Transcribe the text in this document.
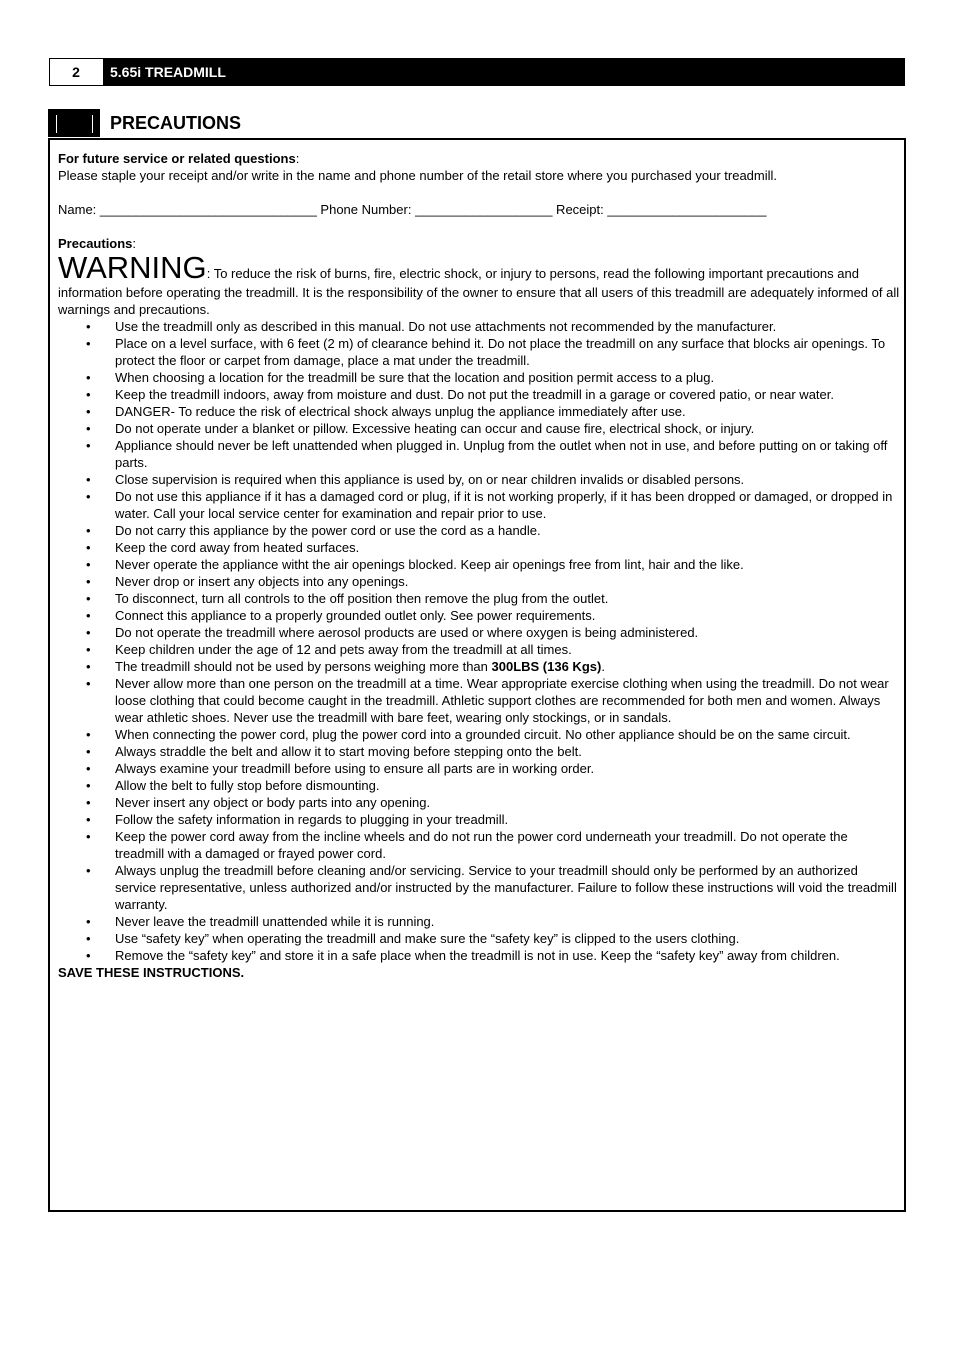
2	5.65i TREADMILL
PRECAUTIONS

For future service or related questions:

Please staple your receipt and/or write in the name and phone number of the retail store where you purchased your treadmill.

Name: ______________________________ Phone Number: ___________________ Receipt: ______________________

Precautions:

WARNING: To reduce the risk of burns, fire, electric shock, or injury to persons, read the following important precautions and information before operating the treadmill. It is the responsibility of the owner to ensure that all users of this treadmill are adequately informed of all warnings and precautions.

• Use the treadmill only as described in this manual. Do not use attachments not recommended by the manufacturer.
• Place on a level surface, with 6 feet (2 m) of clearance behind it. Do not place the treadmill on any surface that blocks air openings. To protect the floor or carpet from damage, place a mat under the treadmill.
• When choosing a location for the treadmill be sure that the location and position permit access to a plug.
• Keep the treadmill indoors, away from moisture and dust. Do not put the treadmill in a garage or covered patio, or near water.
• DANGER- To reduce the risk of electrical shock always unplug the appliance immediately after use.
• Do not operate under a blanket or pillow. Excessive heating can occur and cause fire, electrical shock, or injury.
• Appliance should never be left unattended when plugged in. Unplug from the outlet when not in use, and before putting on or taking off parts.
• Close supervision is required when this appliance is used by, on or near children invalids or disabled persons.
• Do not use this appliance if it has a damaged cord or plug, if it is not working properly, if it has been dropped or damaged, or dropped in water. Call your local service center for examination and repair prior to use.
• Do not carry this appliance by the power cord or use the cord as a handle.
• Keep the cord away from heated surfaces.
• Never operate the appliance witht the air openings blocked. Keep air openings free from lint, hair and the like.
• Never drop or insert any objects into any openings.
• To disconnect, turn all controls to the off position then remove the plug from the outlet.
• Connect this appliance to a properly grounded outlet only. See power requirements.
• Do not operate the treadmill where aerosol products are used or where oxygen is being administered.
• Keep children under the age of 12 and pets away from the treadmill at all times.
• The treadmill should not be used by persons weighing more than 300LBS (136 Kgs).
• Never allow more than one person on the treadmill at a time. Wear appropriate exercise clothing when using the treadmill. Do not wear loose clothing that could become caught in the treadmill. Athletic support clothes are recommended for both men and women. Always wear athletic shoes. Never use the treadmill with bare feet, wearing only stockings, or in sandals.
• When connecting the power cord, plug the power cord into a grounded circuit. No other appliance should be on the same circuit.
• Always straddle the belt and allow it to start moving before stepping onto the belt.
• Always examine your treadmill before using to ensure all parts are in working order.
• Allow the belt to fully stop before dismounting.
• Never insert any object or body parts into any opening.
• Follow the safety information in regards to plugging in your treadmill.
• Keep the power cord away from the incline wheels and do not run the power cord underneath your treadmill. Do not operate the treadmill with a damaged or frayed power cord.
• Always unplug the treadmill before cleaning and/or servicing. Service to your treadmill should only be performed by an authorized service representative, unless authorized and/or instructed by the manufacturer. Failure to follow these instructions will void the treadmill warranty.
• Never leave the treadmill unattended while it is running.
• Use “safety key” when operating the treadmill and make sure the “safety key” is clipped to the users clothing.
• Remove the “safety key” and store it in a safe place when the treadmill is not in use. Keep the “safety key” away from children.

SAVE THESE INSTRUCTIONS.
